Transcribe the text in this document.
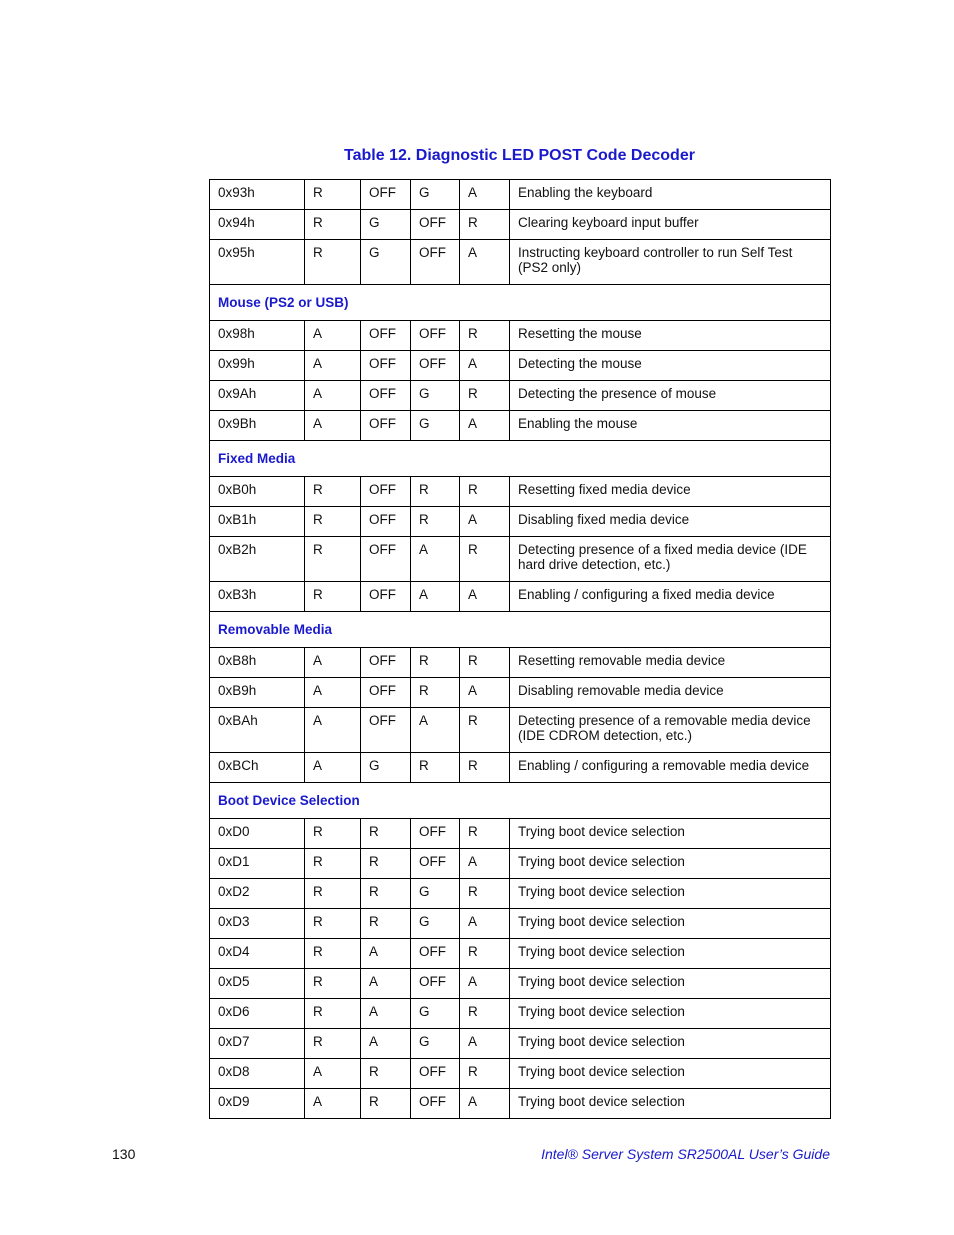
Table 12. Diagnostic LED POST Code Decoder
0x93h	R	OFF	G	A	Enabling the keyboard
0x94h	R	G	OFF	R	Clearing keyboard input buffer
0x95h	R	G	OFF	A	Instructing keyboard controller to run Self Test (PS2 only)
Mouse (PS2 or USB)					
0x98h	A	OFF	OFF	R	Resetting the mouse
0x99h	A	OFF	OFF	A	Detecting the mouse
0x9Ah	A	OFF	G	R	Detecting the presence of mouse
0x9Bh	A	OFF	G	A	Enabling the mouse
Fixed Media					
0xB0h	R	OFF	R	R	Resetting fixed media device
0xB1h	R	OFF	R	A	Disabling fixed media device
0xB2h	R	OFF	A	R	Detecting presence of a fixed media device (IDE hard drive detection, etc.)
0xB3h	R	OFF	A	A	Enabling / configuring a fixed media device
Removable Media					
0xB8h	A	OFF	R	R	Resetting removable media device
0xB9h	A	OFF	R	A	Disabling removable media device
0xBAh	A	OFF	A	R	Detecting presence of a removable media device (IDE CDROM detection, etc.)
0xBCh	A	G	R	R	Enabling / configuring a removable media device
Boot Device Selection					
0xD0	R	R	OFF	R	Trying boot device selection
0xD1	R	R	OFF	A	Trying boot device selection
0xD2	R	R	G	R	Trying boot device selection
0xD3	R	R	G	A	Trying boot device selection
0xD4	R	A	OFF	R	Trying boot device selection
0xD5	R	A	OFF	A	Trying boot device selection
0xD6	R	A	G	R	Trying boot device selection
0xD7	R	A	G	A	Trying boot device selection
0xD8	A	R	OFF	R	Trying boot device selection
0xD9	A	R	OFF	A	Trying boot device selection
130	Intel® Server System SR2500AL User’s Guide
